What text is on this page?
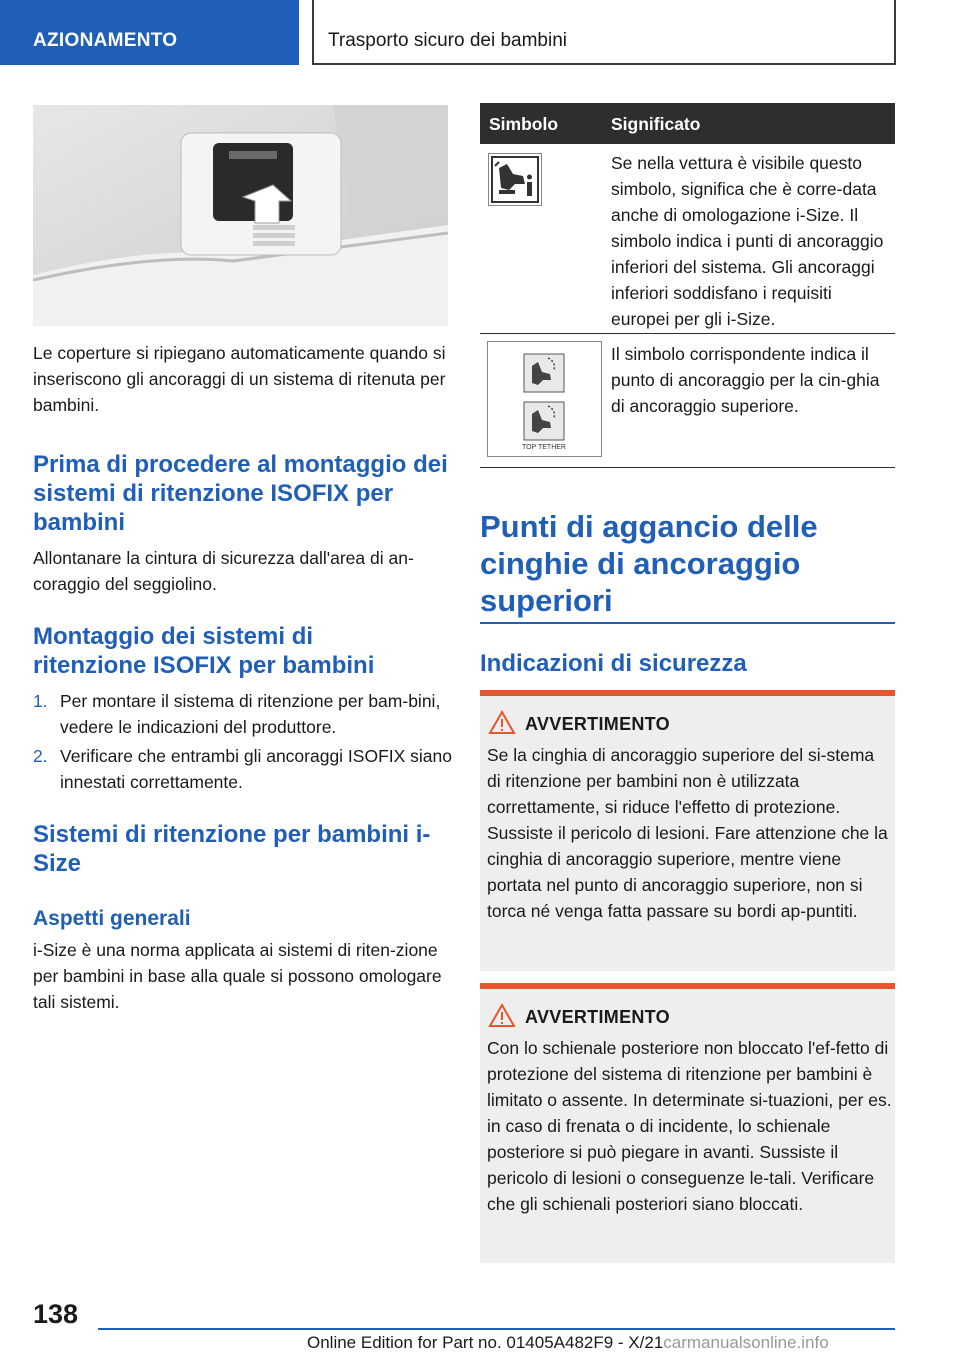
AZIONAMENTO	Trasporto sicuro dei bambini
Le coperture si ripiegano automaticamente quando si inseriscono gli ancoraggi di un sistema di ritenuta per bambini.
Prima di procedere al montaggio dei sistemi di ritenzione ISOFIX per bambini
Allontanare la cintura di sicurezza dall'area di an-coraggio del seggiolino.
Montaggio dei sistemi di ritenzione ISOFIX per bambini
1. Per montare il sistema di ritenzione per bam-bini, vedere le indicazioni del produttore.
2. Verificare che entrambi gli ancoraggi ISOFIX siano innestati correttamente.
Sistemi di ritenzione per bambini i-Size
Aspetti generali
i-Size è una norma applicata ai sistemi di riten-zione per bambini in base alla quale si possono omologare tali sistemi.
Simbolo	Significato
Se nella vettura è visibile questo simbolo, significa che è corre-data anche di omologazione i-Size. Il simbolo indica i punti di ancoraggio inferiori del sistema. Gli ancoraggi inferiori soddisfano i requisiti europei per gli i-Size.
TOP TETHER
Il simbolo corrispondente indica il punto di ancoraggio per la cin-ghia di ancoraggio superiore.
Punti di aggancio delle cinghie di ancoraggio superiori
Indicazioni di sicurezza
AVVERTIMENTO
Se la cinghia di ancoraggio superiore del si-stema di ritenzione per bambini non è utilizzata correttamente, si riduce l'effetto di protezione. Sussiste il pericolo di lesioni. Fare attenzione che la cinghia di ancoraggio superiore, mentre viene portata nel punto di ancoraggio superiore, non si torca né venga fatta passare su bordi ap-puntiti.
AVVERTIMENTO
Con lo schienale posteriore non bloccato l'ef-fetto di protezione del sistema di ritenzione per bambini è limitato o assente. In determinate si-tuazioni, per es. in caso di frenata o di incidente, lo schienale posteriore si può piegare in avanti. Sussiste il pericolo di lesioni o conseguenze le-tali. Verificare che gli schienali posteriori siano bloccati.
138
Online Edition for Part no. 01405A482F9 - X/21carmanualsonline.info
